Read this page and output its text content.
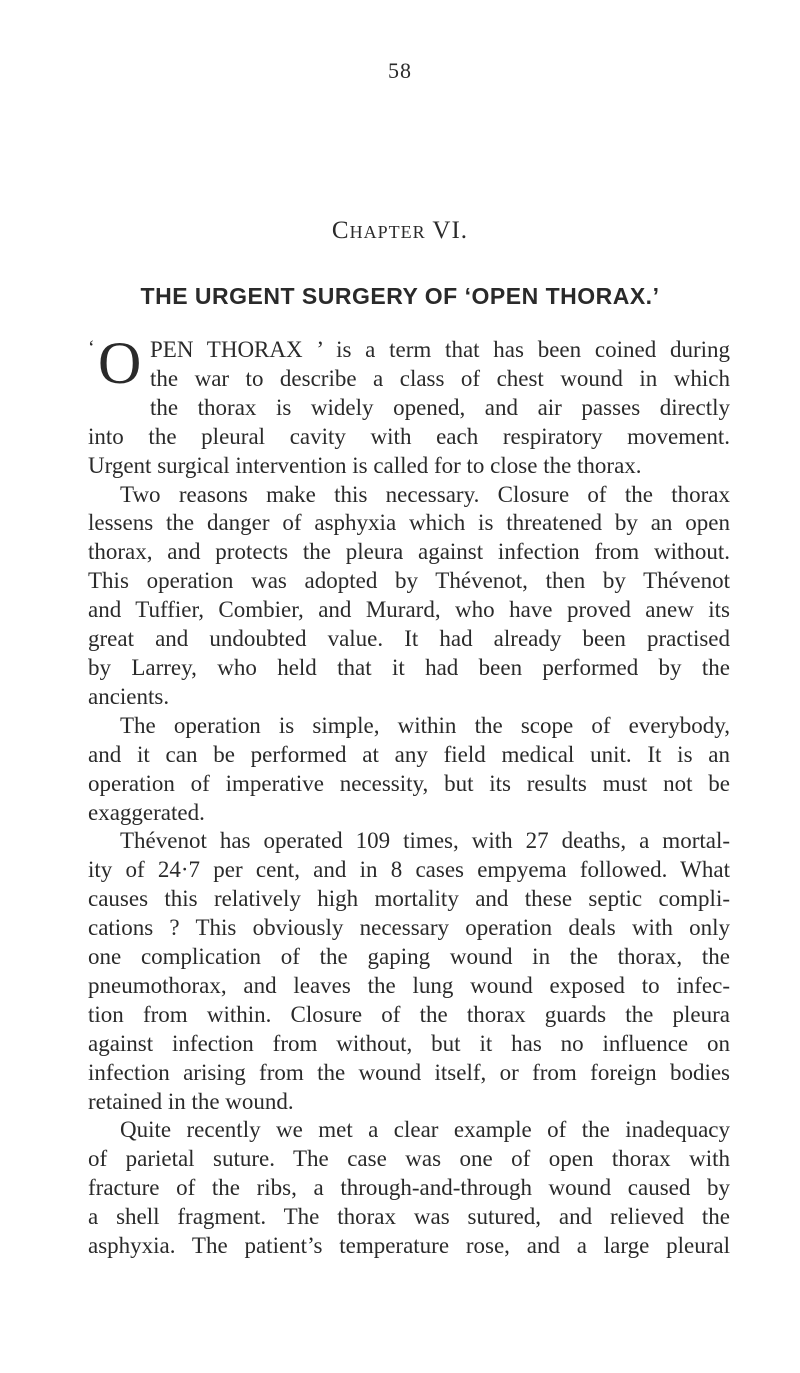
58
Chapter VI.
THE URGENT SURGERY OF ‘OPEN THORAX.’

‘ O PEN THORAX ’ is a term that has been coined during
the war to describe a class of chest wound in which
the thorax is widely opened, and air passes directly
into the pleural cavity with each respiratory movement.
Urgent surgical intervention is called for to close the thorax.

Two reasons make this necessary. Closure of the thorax
lessens the danger of asphyxia which is threatened by an open
thorax, and protects the pleura against infection from without.
This operation was adopted by Thévenot, then by Thévenot
and Tuffier, Combier, and Murard, who have proved anew its
great and undoubted value. It had already been practised
by Larrey, who held that it had been performed by the
ancients.

The operation is simple, within the scope of everybody,
and it can be performed at any field medical unit. It is an
operation of imperative necessity, but its results must not be
exaggerated.

Thévenot has operated 109 times, with 27 deaths, a mortal-
ity of 24·7 per cent, and in 8 cases empyema followed. What
causes this relatively high mortality and these septic compli-
cations ? This obviously necessary operation deals with only
one complication of the gaping wound in the thorax, the
pneumothorax, and leaves the lung wound exposed to infec-
tion from within. Closure of the thorax guards the pleura
against infection from without, but it has no influence on
infection arising from the wound itself, or from foreign bodies
retained in the wound.

Quite recently we met a clear example of the inadequacy
of parietal suture. The case was one of open thorax with
fracture of the ribs, a through-and-through wound caused by
a shell fragment. The thorax was sutured, and relieved the
asphyxia. The patient’s temperature rose, and a large pleural
